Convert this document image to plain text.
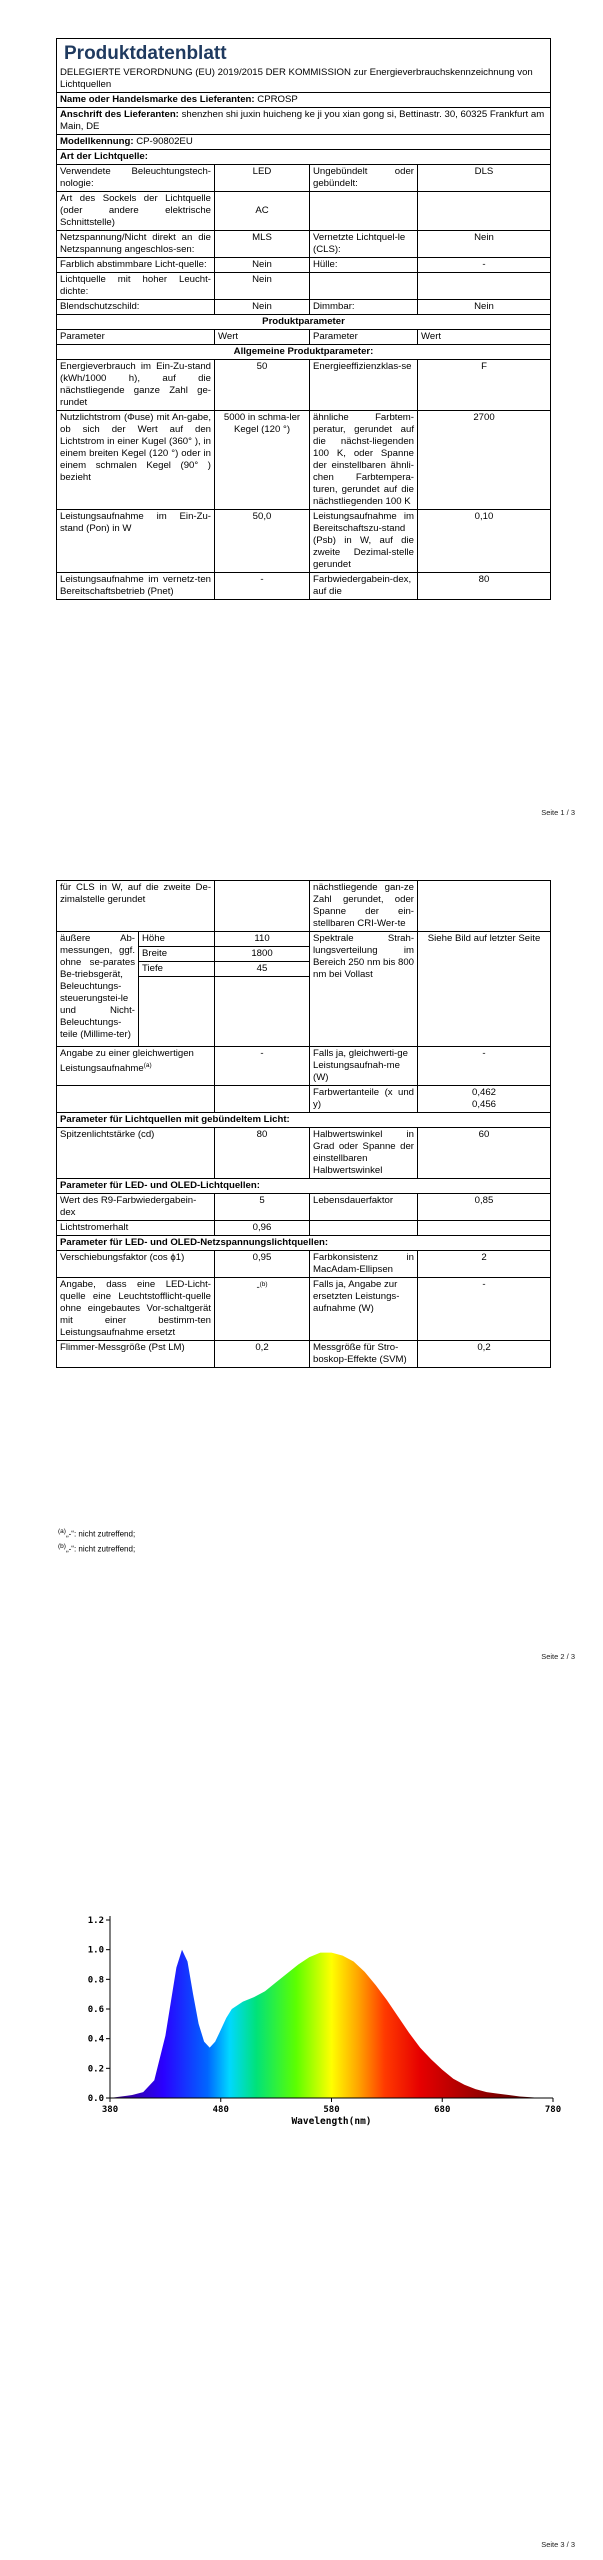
Produktdatenblatt			

DELEGIERTE VERORDNUNG (EU) 2019/2015 DER KOMMISSION zur Energieverbrauchskennzeichnung von Lichtquellen			
Name oder Handelsmarke des Lieferanten: CPROSP			
Anschrift des Lieferanten: shenzhen shi juxin huicheng ke ji you xian gong si, Bettinastr. 30, 60325 Frankfurt am Main, DE			
Modellkennung: CP-90802EU			
Art der Lichtquelle:			
Verwendete Beleuchtungstech-nologie:	LED	Ungebündelt oder gebündelt:	DLS
Art des Sockels der Lichtquelle (oder andere elektrische Schnittstelle)	AC		
Netzspannung/Nicht direkt an die Netzspannung angeschlos-sen:	MLS	Vernetzte Lichtquel-le (CLS):	Nein
Farblich abstimmbare Licht-quelle:	Nein	Hülle:	-
Lichtquelle mit hoher Leucht-dichte:	Nein		
Blendschutzschild:	Nein	Dimmbar:	Nein
Produktparameter			
Parameter	Wert	Parameter	Wert
Allgemeine Produktparameter:			
Energieverbrauch im Ein-Zu-stand (kWh/1000 h), auf die nächstliegende ganze Zahl ge-rundet	50	Energieeffizienzklas-se	F
Nutzlichtstrom (Φuse) mit An-gabe, ob sich der Wert auf den Lichtstrom in einer Kugel (360° ), in einem breiten Kegel (120 °) oder in einem schmalen Kegel (90° ) bezieht	5000 in schma-ler Kegel (120 °)	ähnliche Farbtem-peratur, gerundet auf die nächst-liegenden 100 K, oder Spanne der einstellbaren ähnli-chen Farbtempera-turen, gerundet auf die nächstliegenden 100 K	2700
Leistungsaufnahme im Ein-Zu-stand (Pon) in W	50,0	Leistungsaufnahme im Bereitschaftszu-stand (Psb) in W, auf die zweite Dezimal-stelle gerundet	0,10
Leistungsaufnahme im vernetz-ten Bereitschaftsbetrieb (Pnet)	-	Farbwiedergabein-dex, auf die	80
Seite 1 / 3
für CLS in W, auf die zweite De-zimalstelle gerundet			nächstliegende gan-ze Zahl gerundet, oder Spanne der ein-stellbaren CRI-Wer-te	
äußere Ab-messungen, ggf. ohne se-parates Be-triebsgerät, Beleuchtungs-steuerungstei-le und Nicht-Beleuchtungs-teile (Millime-ter)	Höhe	110	Spektrale Strah-lungsverteilung im Bereich 250 nm bis 800 nm bei Vollast	Siehe Bild auf letzter Seite
	Breite	1800		
	Tiefe	45		

Angabe zu einer gleichwertigen Leistungsaufnahme$^{(a)}$		-	Falls ja, gleichwerti-ge Leistungsaufnah-me (W)	-
			Farbwertanteile (x und y)	0,462
0,456

Parameter für Lichtquellen mit gebündeltem Licht:				
Spitzenlichtstärke (cd)		80	Halbwertswinkel in Grad oder Spanne der einstellbaren Halbwertswinkel	60
Parameter für LED- und OLED-Lichtquellen:				
Wert des R9-Farbwiedergabein-dex		5	Lebensdauerfaktor	0,85
Lichtstromerhalt		0,96		
Parameter für LED- und OLED-Netzspannungslichtquellen:				
Verschiebungsfaktor (cos ϕ1)		0,95	Farbkonsistenz in MacAdam-Ellipsen	2
Angabe, dass eine LED-Licht-quelle eine Leuchtstofflicht-quelle ohne eingebautes Vor-schaltgerät mit einer bestimm-ten Leistungsaufnahme ersetzt		-$^{(b)}$	Falls ja, Angabe zur ersetzten Leistungs-aufnahme (W)	-
Flimmer-Messgröße (Pst LM)		0,2	Messgröße für Stro-boskop-Effekte (SVM)	0,2
$^{(a)}$„-“: nicht zutreffend;
$^{(b)}$„-“: nicht zutreffend;
Seite 2 / 3
0.0
0.2
0.4
0.6
0.8
1.0
1.2
380	480	580	680	780
Wavelength(nm)
Seite 3 / 3
